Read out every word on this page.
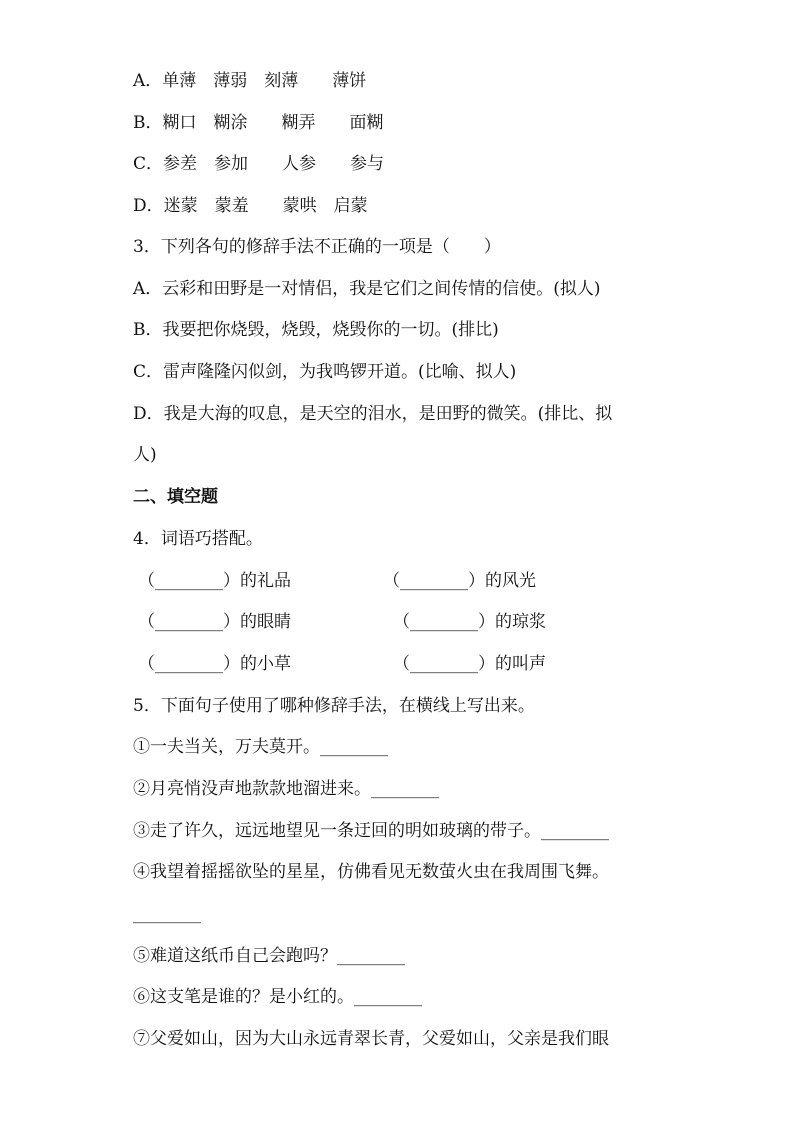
A．单薄　薄弱　刻薄　　薄饼
B．糊口　糊涂　　糊弄　　面糊
C．参差　参加　　人参　　参与
D．迷蒙　蒙羞　　蒙哄　启蒙
3．下列各句的修辞手法不正确的一项是（　　）
A．云彩和田野是一对情侣，我是它们之间传情的信使。(拟人)
B．我要把你烧毁，烧毁，烧毁你的一切。(排比)
C．雷声隆隆闪似剑，为我鸣锣开道。(比喻、拟人)
D．我是大海的叹息，是天空的泪水，是田野的微笑。(排比、拟
人)
二、填空题
4．词语巧搭配。
（________）的礼品	（________）的风光
（________）的眼睛	（________）的琼浆
（________）的小草	（________）的叫声
5．下面句子使用了哪种修辞手法，在横线上写出来。
①一夫当关，万夫莫开。________
②月亮悄没声地款款地溜进来。________
③走了许久，远远地望见一条迂回的明如玻璃的带子。________
④我望着摇摇欲坠的星星，仿佛看见无数萤火虫在我周围飞舞。
________
⑤难道这纸币自己会跑吗？________
⑥这支笔是谁的？是小红的。________
⑦父爱如山，因为大山永远青翠长青，父爱如山，父亲是我们眼
